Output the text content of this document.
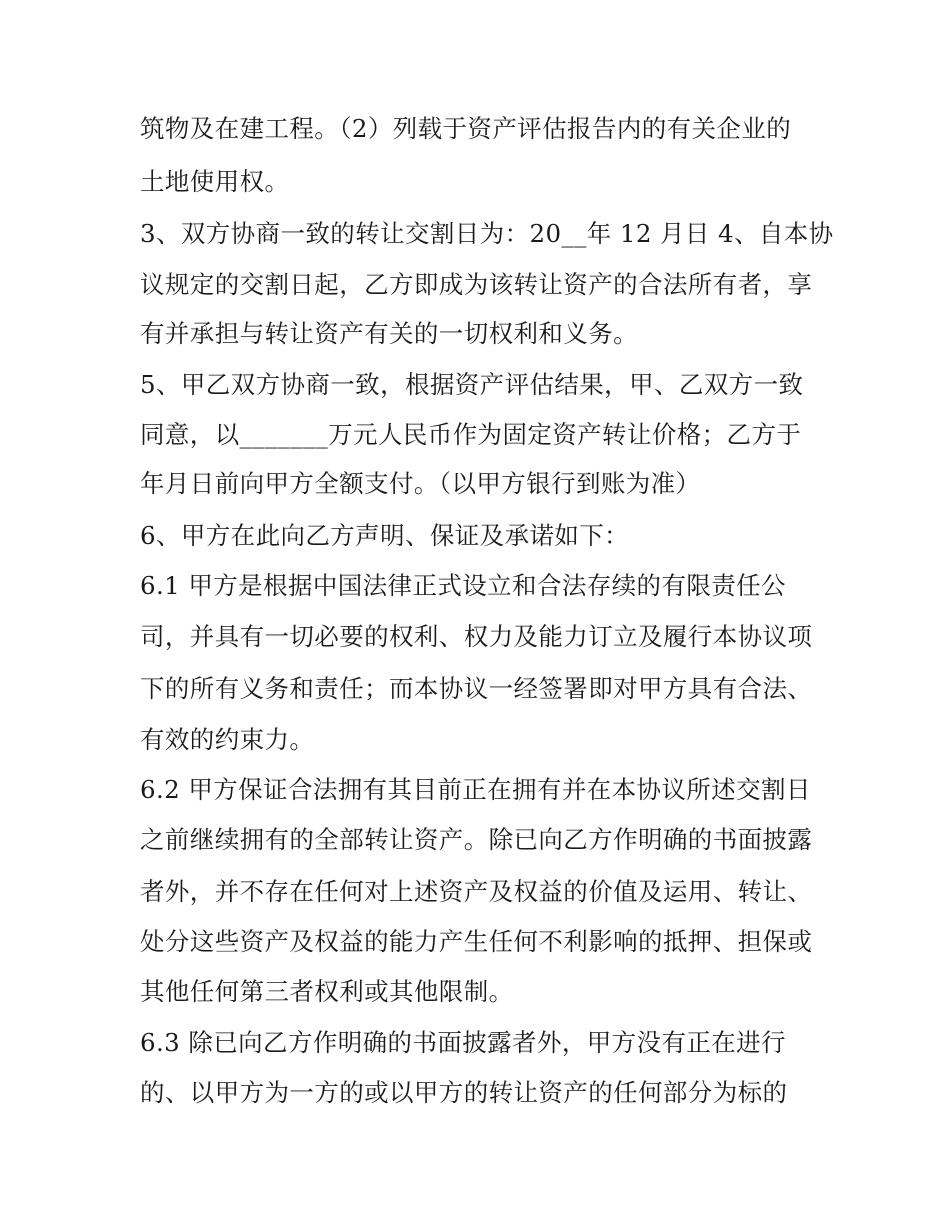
筑物及在建工程。（2）列载于资产评估报告内的有关企业的
土地使用权。
3、双方协商一致的转让交割日为：20__年 12 月日 4、自本协
议规定的交割日起，乙方即成为该转让资产的合法所有者，享
有并承担与转让资产有关的一切权利和义务。
5、甲乙双方协商一致，根据资产评估结果，甲、乙双方一致
同意，以_______万元人民币作为固定资产转让价格；乙方于
年月日前向甲方全额支付。（以甲方银行到账为准）
6、甲方在此向乙方声明、保证及承诺如下：
6.1 甲方是根据中国法律正式设立和合法存续的有限责任公
司，并具有一切必要的权利、权力及能力订立及履行本协议项
下的所有义务和责任；而本协议一经签署即对甲方具有合法、
有效的约束力。
6.2 甲方保证合法拥有其目前正在拥有并在本协议所述交割日
之前继续拥有的全部转让资产。除已向乙方作明确的书面披露
者外，并不存在任何对上述资产及权益的价值及运用、转让、
处分这些资产及权益的能力产生任何不利影响的抵押、担保或
其他任何第三者权利或其他限制。
6.3 除已向乙方作明确的书面披露者外，甲方没有正在进行
的、以甲方为一方的或以甲方的转让资产的任何部分为标的
